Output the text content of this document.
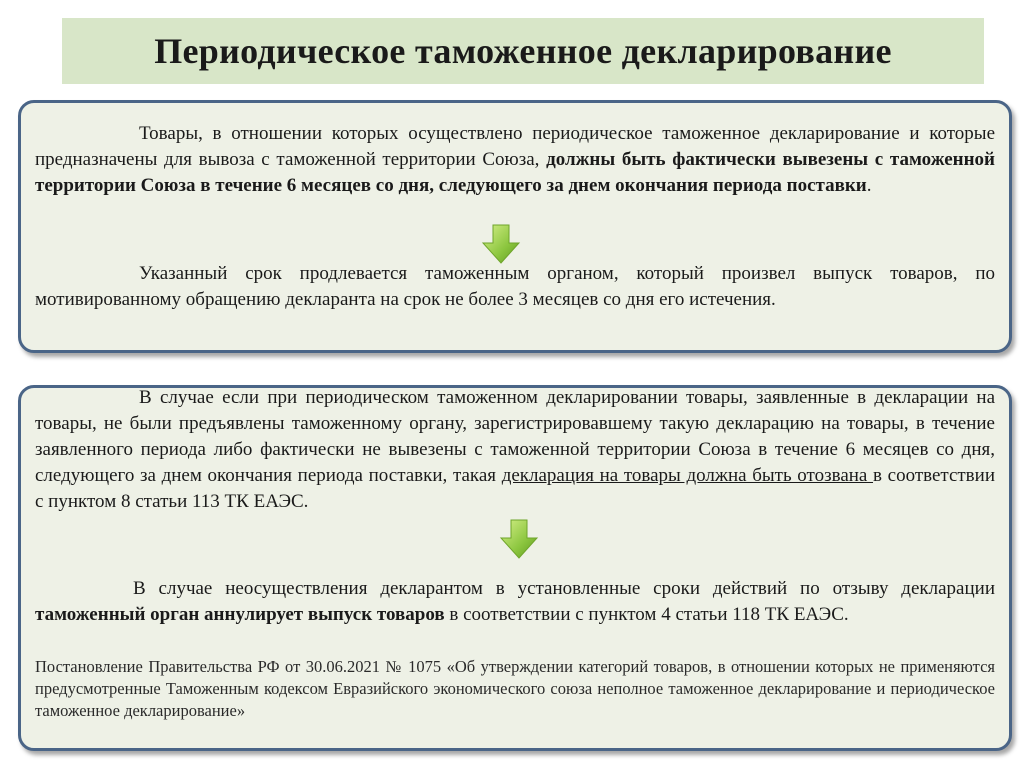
Периодическое таможенное декларирование

Товары, в отношении которых осуществлено периодическое таможенное декларирование и которые предназначены для вывоза с таможенной территории Союза, должны быть фактически вывезены с таможенной территории Союза в течение 6 месяцев со дня, следующего за днем окончания периода поставки.

Указанный срок продлевается таможенным органом, который произвел выпуск товаров, по мотивированному обращению декларанта на срок не более 3 месяцев со дня его истечения.

В случае если при периодическом таможенном декларировании товары, заявленные в декларации на товары, не были предъявлены таможенному органу, зарегистрировавшему такую декларацию на товары, в течение заявленного периода либо фактически не вывезены с таможенной территории Союза в течение 6 месяцев со дня, следующего за днем окончания периода поставки, такая декларация на товары должна быть отозвана в соответствии с пунктом 8 статьи 113 ТК ЕАЭС.

В случае неосуществления декларантом в установленные сроки действий по отзыву декларации таможенный орган аннулирует выпуск товаров в соответствии с пунктом 4 статьи 118 ТК ЕАЭС.

Постановление Правительства РФ от 30.06.2021 № 1075 «Об утверждении категорий товаров, в отношении которых не применяются предусмотренные Таможенным кодексом Евразийского экономического союза неполное таможенное декларирование и периодическое таможенное декларирование»
